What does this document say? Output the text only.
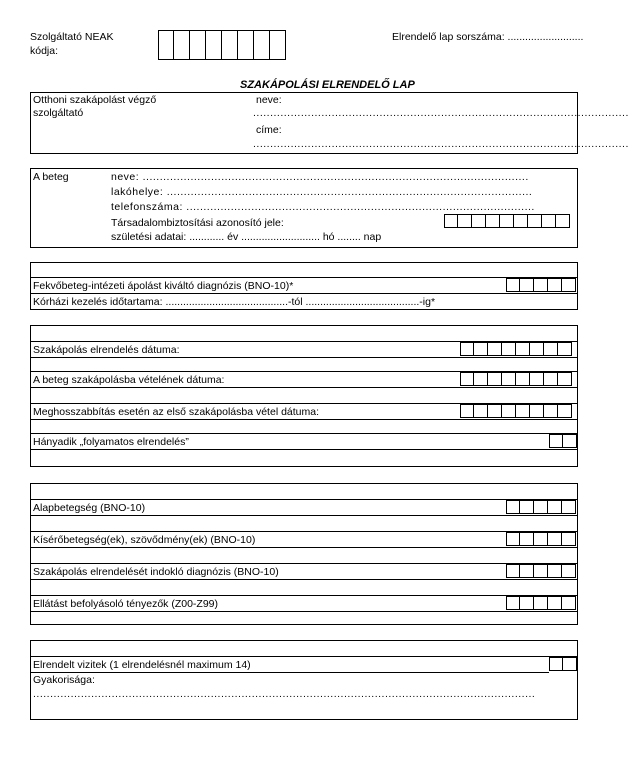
Szolgáltató NEAK
kódja:
Elrendelő lap sorszáma: ..........................
SZAKÁPOLÁSI ELRENDELŐ LAP
Otthoni szakápolást végző
szolgáltató
neve:
..............................................................................................................
címe:
..............................................................................................................
A beteg	neve: .................................................................................................................
lakóhelye: ...........................................................................................................
telefonszáma: ......................................................................................................
Társadalombiztosítási azonosító jele:
születési adatai: ............ év ........................... hó ........ nap
Fekvőbeteg-intézeti ápolást kiváltó diagnózis (BNO-10)*
Kórházi kezelés időtartama: ..........................................-tól .......................................-ig*
Szakápolás elrendelés dátuma:
A beteg szakápolásba vételének dátuma:
Meghosszabbítás esetén az első szakápolásba vétel dátuma:
Hányadik „folyamatos elrendelés”
Alapbetegség (BNO-10)
Kísérőbetegség(ek), szövődmény(ek) (BNO-10)
Szakápolás elrendelését indokló diagnózis (BNO-10)
Ellátást befolyásoló tényezők (Z00-Z99)
Elrendelt vizitek (1 elrendelésnél maximum 14)
Gyakorisága:
...................................................................................................................................................
